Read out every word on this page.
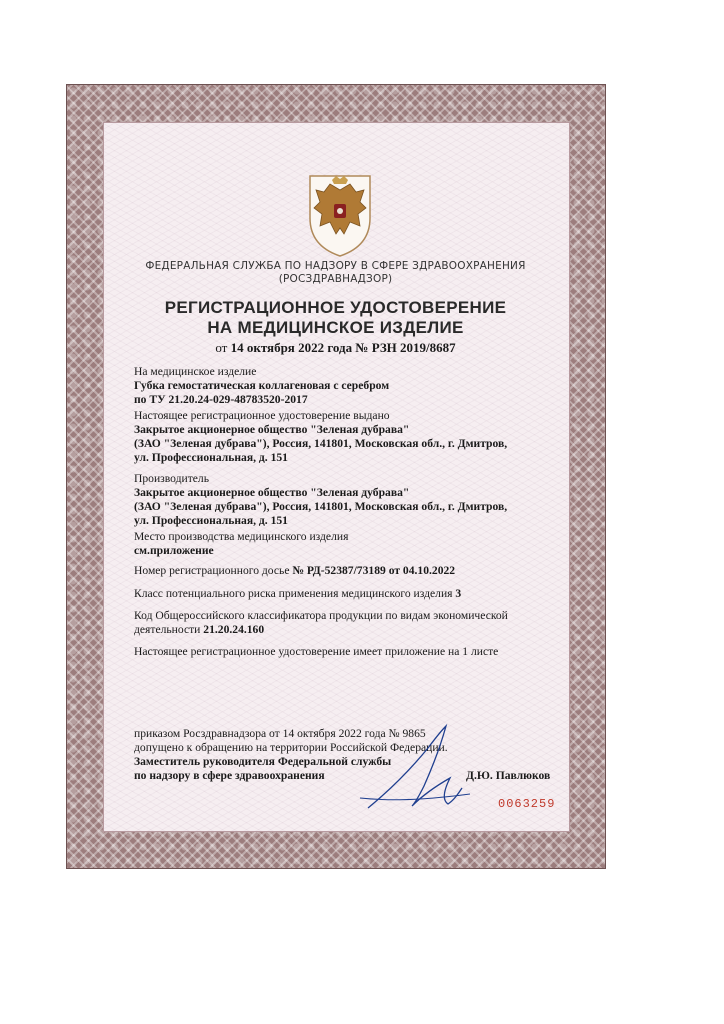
ФЕДЕРАЛЬНАЯ СЛУЖБА ПО НАДЗОРУ В СФЕРЕ ЗДРАВООХРАНЕНИЯ

(РОСЗДРАВНАДЗОР)

РЕГИСТРАЦИОННОЕ УДОСТОВЕРЕНИЕ

НА МЕДИЦИНСКОЕ ИЗДЕЛИЕ

от 14 октября 2022 года № РЗН 2019/8687

На медицинское изделие

Губка гемостатическая коллагеновая с серебром

по ТУ 21.20.24-029-48783520-2017

Настоящее регистрационное удостоверение выдано

Закрытое акционерное общество "Зеленая дубрава"

(ЗАО "Зеленая дубрава"), Россия, 141801, Московская обл., г. Дмитров,

ул. Профессиональная, д. 151

Производитель

Закрытое акционерное общество "Зеленая дубрава"

(ЗАО "Зеленая дубрава"), Россия, 141801, Московская обл., г. Дмитров,

ул. Профессиональная, д. 151

Место производства медицинского изделия

см.приложение

Номер регистрационного досье № РД-52387/73189 от 04.10.2022

Класс потенциального риска применения медицинского изделия 3

Код Общероссийского классификатора продукции по видам экономической

деятельности 21.20.24.160

Настоящее регистрационное удостоверение имеет приложение на 1 листе

приказом Росздравнадзора от 14 октября 2022 года № 9865

допущено к обращению на территории Российской Федерации.

Заместитель руководителя Федеральной службы

по надзору в сфере здравоохранения	Д.Ю. Павлюков

0063259
